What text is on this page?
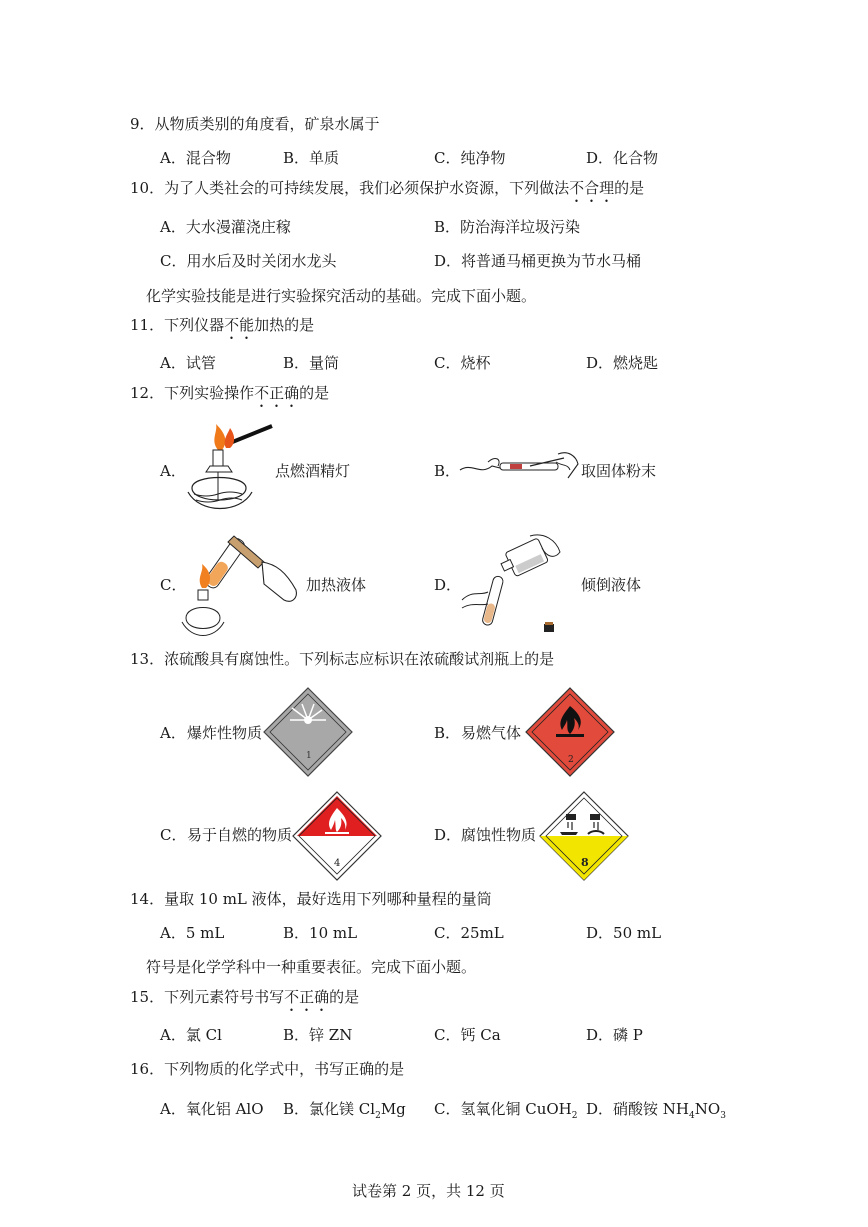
9．从物质类别的角度看，矿泉水属于
A．混合物	B．单质	C．纯净物	D．化合物
10．为了人类社会的可持续发展，我们必须保护水资源，下列做法不合理的是
A．大水漫灌浇庄稼	B．防治海洋垃圾污染
C．用水后及时关闭水龙头	D．将普通马桶更换为节水马桶
化学实验技能是进行实验探究活动的基础。完成下面小题。
11．下列仪器不能加热的是
A．试管	B．量筒	C．烧杯	D．燃烧匙
12．下列实验操作不正确的是
A．	点燃酒精灯	B．	取固体粉末
C．	加热液体	D．	倾倒液体
13．浓硫酸具有腐蚀性。下列标志应标识在浓硫酸试剂瓶上的是
A． 爆炸性物质
1
B． 易燃气体
2
C． 易于自燃的物质
4
D． 腐蚀性物质
8
14．量取 10 mL 液体，最好选用下列哪种量程的量筒
A．5 mL	B．10 mL	C．25mL	D．50 mL
符号是化学学科中一种重要表征。完成下面小题。
15．下列元素符号书写不正确的是
A．氯 Cl	B．锌 ZN	C．钙 Ca	D．磷 P
16．下列物质的化学式中，书写正确的是
A．氧化铝 AlO B．氯化镁 $Cl_2Mg$ C．氢氧化铜 CuOH$_2$ D．硝酸铵 $NH_4NO_3$
试卷第 2 页，共 12 页
